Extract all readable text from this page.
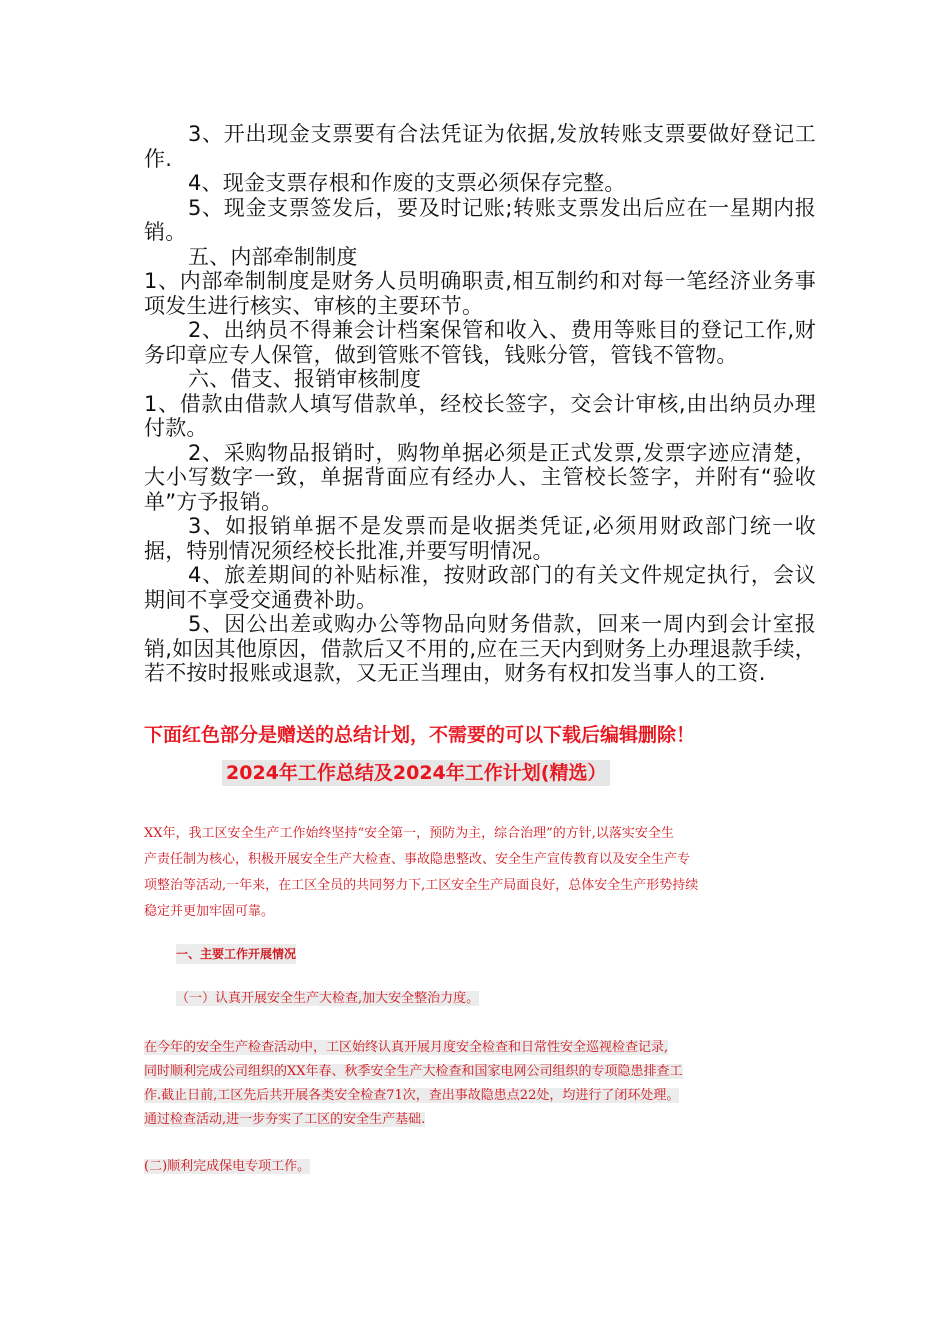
3、开出现金支票要有合法凭证为依据,发放转账支票要做好登记工作.

4、现金支票存根和作废的支票必须保存完整。

5、现金支票签发后，要及时记账;转账支票发出后应在一星期内报销。

五、内部牵制制度

1、内部牵制制度是财务人员明确职责,相互制约和对每一笔经济业务事项发生进行核实、审核的主要环节。

2、出纳员不得兼会计档案保管和收入、费用等账目的登记工作,财务印章应专人保管，做到管账不管钱，钱账分管，管钱不管物。

六、借支、报销审核制度

1、借款由借款人填写借款单，经校长签字，交会计审核,由出纳员办理付款。

2、采购物品报销时，购物单据必须是正式发票,发票字迹应清楚，大小写数字一致，单据背面应有经办人、主管校长签字，并附有“验收单”方予报销。

3、如报销单据不是发票而是收据类凭证,必须用财政部门统一收据，特别情况须经校长批准,并要写明情况。

4、旅差期间的补贴标准，按财政部门的有关文件规定执行，会议期间不享受交通费补助。

5、因公出差或购办公等物品向财务借款，回来一周内到会计室报销,如因其他原因，借款后又不用的,应在三天内到财务上办理退款手续，若不按时报账或退款，又无正当理由，财务有权扣发当事人的工资.

下面红色部分是赠送的总结计划，不需要的可以下载后编辑删除！
2024年工作总结及2024年工作计划(精选）

XX年，我工区安全生产工作始终坚持“安全第一，预防为主，综合治理”的方针,以落实安全生

产责任制为核心，积极开展安全生产大检查、事故隐患整改、安全生产宣传教育以及安全生产专

项整治等活动,一年来，在工区全员的共同努力下,工区安全生产局面良好，总体安全生产形势持续

稳定并更加牢固可靠。

一、主要工作开展情况
（一）认真开展安全生产大检查,加大安全整治力度。

在今年的安全生产检查活动中，工区始终认真开展月度安全检查和日常性安全巡视检查记录,

同时顺利完成公司组织的XX年春、秋季安全生产大检查和国家电网公司组织的专项隐患排查工

作.截止日前,工区先后共开展各类安全检查71次，查出事故隐患点22处，均进行了闭环处理。

通过检查活动,进一步夯实了工区的安全生产基础.

(二)顺利完成保电专项工作。
